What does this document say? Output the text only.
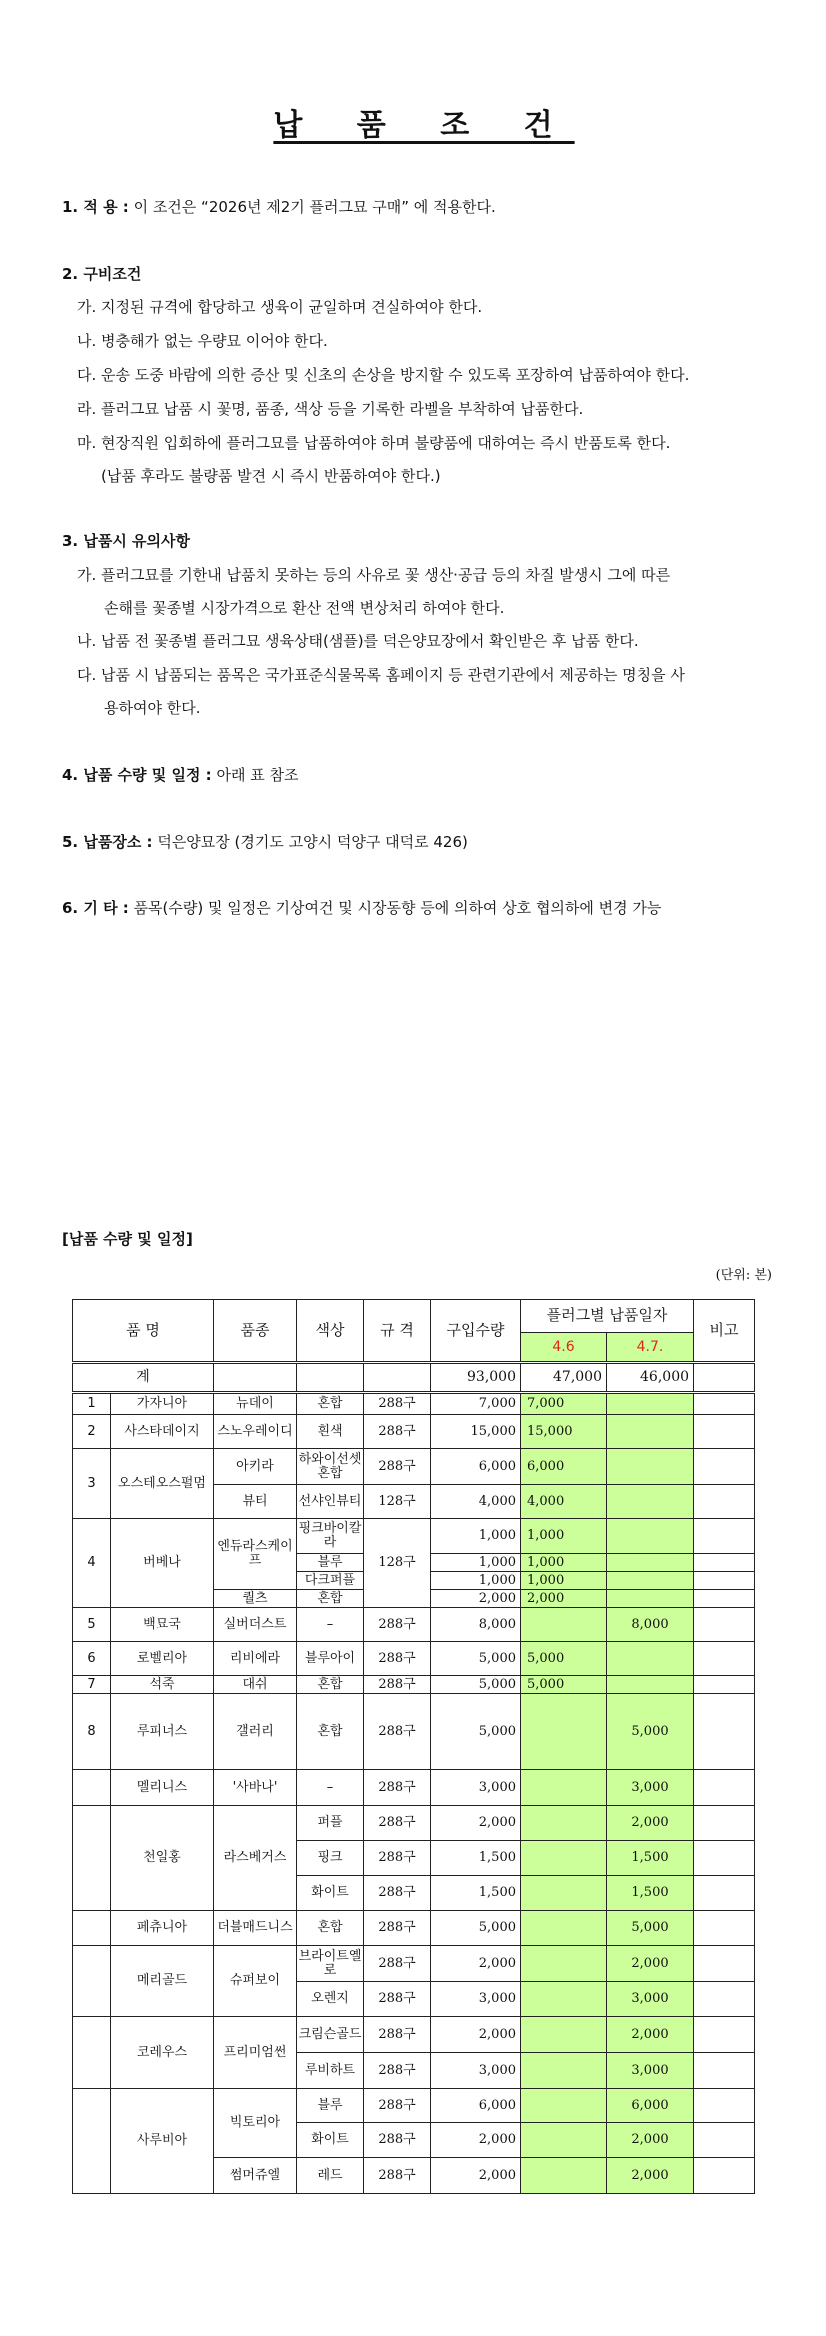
납 품 조 건
1. 적 용 : 이 조건은 “2026년 제2기 플러그묘 구매” 에 적용한다.
2. 구비조건
가. 지정된 규격에 합당하고 생육이 균일하며 견실하여야 한다.
나. 병충해가 없는 우량묘 이어야 한다.
다. 운송 도중 바람에 의한 증산 및 신초의 손상을 방지할 수 있도록 포장하여 납품하여야 한다.
라. 플러그묘 납품 시 꽃명, 품종, 색상 등을 기록한 라벨을 부착하여 납품한다.
마. 현장직원 입회하에 플러그묘를 납품하여야 하며 불량품에 대하여는 즉시 반품토록 한다.
(납품 후라도 불량품 발견 시 즉시 반품하여야 한다.)
3. 납품시 유의사항
가. 플러그묘를 기한내 납품치 못하는 등의 사유로 꽃 생산·공급 등의 차질 발생시 그에 따른
손해를 꽃종별 시장가격으로 환산 전액 변상처리 하여야 한다.
나. 납품 전 꽃종별 플러그묘 생육상태(샘플)를 덕은양묘장에서 확인받은 후 납품 한다.
다. 납품 시 납품되는 품목은 국가표준식물목록 홈페이지 등 관련기관에서 제공하는 명칭을 사
용하여야 한다.
4. 납품 수량 및 일정 : 아래 표 참조
5. 납품장소 : 덕은양묘장 (경기도 고양시 덕양구 대덕로 426)
6. 기 타 : 품목(수량) 및 일정은 기상여건 및 시장동향 등에 의하여 상호 협의하에 변경 가능
[납품 수량 및 일정]
(단위: 본)
품 명		품종	색상	규 격	구입수량	플러그별 납품일자		비고
						4.6	4.7.	
계					93,000	47,000	46,000	
1	가자니아	뉴데이	혼합	288구	7,000	7,000		
2	사스타데이지	스노우레이디	흰색	288구	15,000	15,000		
3	오스테오스펄멈	아키라	하와이선셋혼합	288구	6,000	6,000		
		뷰티	선샤인뷰티	128구	4,000	4,000		
4	버베나	엔듀라스케이프	핑크바이칼라	128구	1,000	1,000		
			블루		1,000	1,000		
			다크퍼플		1,000	1,000		
		퀄츠	혼합		2,000	2,000		
5	백묘국	실버더스트	–	288구	8,000		8,000	
6	로벨리아	리비에라	블루아이	288구	5,000	5,000		
7	석죽	대쉬	혼합	288구	5,000	5,000		
8	루피너스	갤러리	혼합	288구	5,000		5,000	
	멜리니스	'사바나'	–	288구	3,000		3,000	
	천일홍	라스베거스	퍼플	288구	2,000		2,000	
			핑크	288구	1,500		1,500	
			화이트	288구	1,500		1,500	
	페츄니아	더블매드니스	혼합	288구	5,000		5,000	
	메리골드	슈퍼보이	브라이트옐로	288구	2,000		2,000	
			오렌지	288구	3,000		3,000	
	코레우스	프리미엄썬	크림슨골드	288구	2,000		2,000	
			루비하트	288구	3,000		3,000	
	사루비아	빅토리아	블루	288구	6,000		6,000	
			화이트	288구	2,000		2,000	
		썸머쥬엘	레드	288구	2,000		2,000	
